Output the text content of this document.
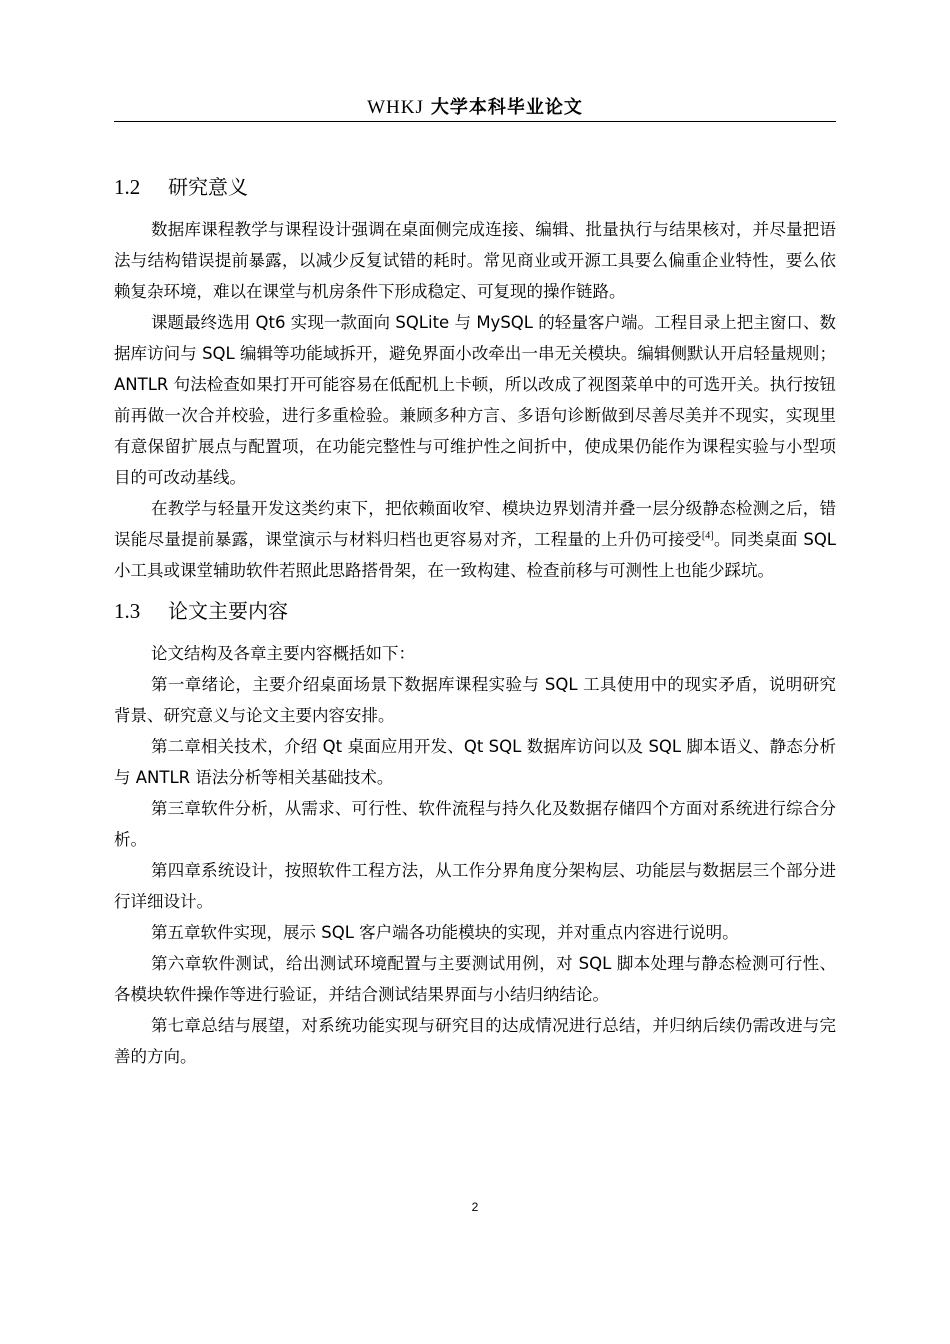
WHKJ 大学本科毕业论文
1.2 研究意义

数据库课程教学与课程设计强调在桌面侧完成连接、编辑、批量执行与结果核对，并尽量把语法与结构错误提前暴露，以减少反复试错的耗时。常见商业或开源工具要么偏重企业特性，要么依赖复杂环境，难以在课堂与机房条件下形成稳定、可复现的操作链路。

课题最终选用 Qt6 实现一款面向 SQLite 与 MySQL 的轻量客户端。工程目录上把主窗口、数据库访问与 SQL 编辑等功能域拆开，避免界面小改牵出一串无关模块。编辑侧默认开启轻量规则；ANTLR 句法检查如果打开可能容易在低配机上卡顿，所以改成了视图菜单中的可选开关。执行按钮前再做一次合并校验，进行多重检验。兼顾多种方言、多语句诊断做到尽善尽美并不现实，实现里有意保留扩展点与配置项，在功能完整性与可维护性之间折中，使成果仍能作为课程实验与小型项目的可改动基线。

在教学与轻量开发这类约束下，把依赖面收窄、模块边界划清并叠一层分级静态检测之后，错误能尽量提前暴露，课堂演示与材料归档也更容易对齐，工程量的上升仍可接受[4]。同类桌面 SQL 小工具或课堂辅助软件若照此思路搭骨架，在一致构建、检查前移与可测性上也能少踩坑。

1.3 论文主要内容

论文结构及各章主要内容概括如下：

第一章绪论，主要介绍桌面场景下数据库课程实验与 SQL 工具使用中的现实矛盾，说明研究背景、研究意义与论文主要内容安排。

第二章相关技术，介绍 Qt 桌面应用开发、Qt SQL 数据库访问以及 SQL 脚本语义、静态分析与 ANTLR 语法分析等相关基础技术。

第三章软件分析，从需求、可行性、软件流程与持久化及数据存储四个方面对系统进行综合分析。

第四章系统设计，按照软件工程方法，从工作分界角度分架构层、功能层与数据层三个部分进行详细设计。

第五章软件实现，展示 SQL 客户端各功能模块的实现，并对重点内容进行说明。

第六章软件测试，给出测试环境配置与主要测试用例，对 SQL 脚本处理与静态检测可行性、各模块软件操作等进行验证，并结合测试结果界面与小结归纳结论。

第七章总结与展望，对系统功能实现与研究目的达成情况进行总结，并归纳后续仍需改进与完善的方向。

2
